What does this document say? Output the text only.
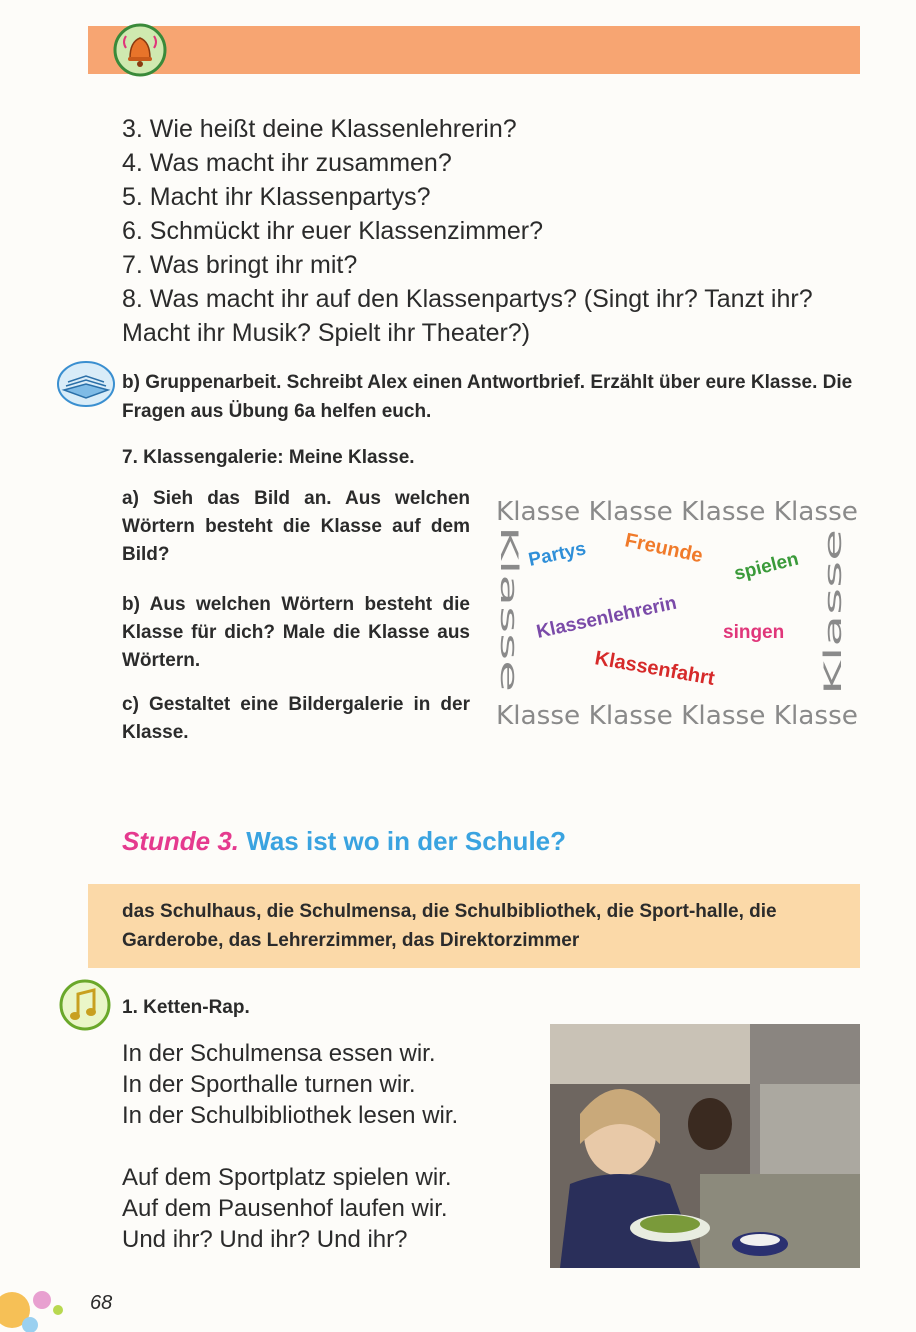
3. Wie heißt deine Klassenlehrerin?
4. Was macht ihr zusammen?
5. Macht ihr Klassenpartys?
6. Schmückt ihr euer Klassenzimmer?
7. Was bringt ihr mit?
8. Was macht ihr auf den Klassenpartys? (Singt ihr? Tanzt ihr? Macht ihr Musik? Spielt ihr Theater?)
b) Gruppenarbeit. Schreibt Alex einen Antwortbrief. Erzählt über eure Klasse. Die Fragen aus Übung 6a helfen euch.
7. Klassengalerie: Meine Klasse.
a) Sieh das Bild an. Aus welchen Wörtern besteht die Klasse auf dem Bild?
b) Aus welchen Wörtern besteht die Klasse für dich? Male die Klasse aus Wörtern.
c) Gestaltet eine Bildergalerie in der Klasse.
Klasse Klasse Klasse Klasse
Klasse Klasse Klasse Klasse
Klasse
Klasse
Partys Freunde spielen
Klassenlehrerin singen
Klassenfahrt
Stunde 3. Was ist wo in der Schule?
das Schulhaus, die Schulmensa, die Schulbibliothek, die Sport-halle, die Garderobe, das Lehrerzimmer, das Direktorzimmer
1. Ketten-Rap.
In der Schulmensa essen wir.
In der Sporthalle turnen wir.
In der Schulbibliothek lesen wir.
Auf dem Sportplatz spielen wir.
Auf dem Pausenhof laufen wir.
Und ihr? Und ihr? Und ihr?
68
